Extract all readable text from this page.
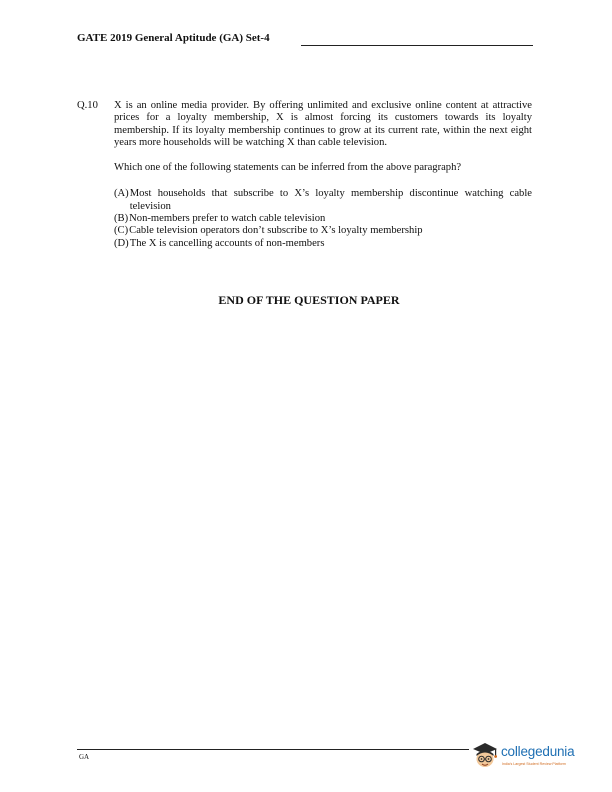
GATE 2019 General Aptitude (GA) Set-4
Q.10 X is an online media provider. By offering unlimited and exclusive online content at attractive prices for a loyalty membership, X is almost forcing its customers towards its loyalty membership. If its loyalty membership continues to grow at its current rate, within the next eight years more households will be watching X than cable television.

Which one of the following statements can be inferred from the above paragraph?

(A) Most households that subscribe to X’s loyalty membership discontinue watching cable television
(B) Non-members prefer to watch cable television
(C) Cable television operators don’t subscribe to X’s loyalty membership
(D) The X is cancelling accounts of non-members
END OF THE QUESTION PAPER
GA	collegedunia
India's Largest Student Review Platform
